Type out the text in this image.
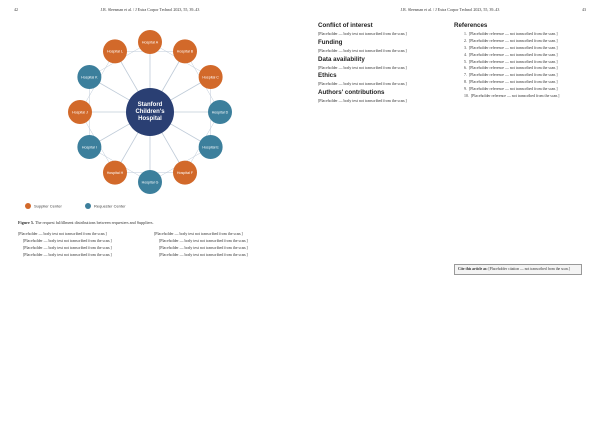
42	J.R. Sleesman et al. / J Extra Corpor Technol 2023, 55, 39–43
Stanford
Children's
Hospital
Hospital A
Hospital B
Hospital C
Hospital D
Hospital E
Hospital F
Hospital G
Hospital H
Hospital I
Hospital J
Hospital K
Hospital L
Supplier Center	Requester Center
Figure 5. The request fulfillment distributions between requesters and Suppliers.

[Placeholder — body text not transcribed from the scan.]

[Placeholder — body text not transcribed from the scan.]

[Placeholder — body text not transcribed from the scan.]

[Placeholder — body text not transcribed from the scan.]

[Placeholder — body text not transcribed from the scan.]

[Placeholder — body text not transcribed from the scan.]

[Placeholder — body text not transcribed from the scan.]

[Placeholder — body text not transcribed from the scan.]

J.R. Sleesman et al. / J Extra Corpor Technol 2023, 55, 39–43	43
Conflict of interest

[Placeholder — body text not transcribed from the scan.]

Funding

[Placeholder — body text not transcribed from the scan.]

Data availability

[Placeholder — body text not transcribed from the scan.]

Ethics

[Placeholder — body text not transcribed from the scan.]

Authors' contributions

[Placeholder — body text not transcribed from the scan.]

References

1. [Placeholder reference — not transcribed from the scan.]

2. [Placeholder reference — not transcribed from the scan.]

3. [Placeholder reference — not transcribed from the scan.]

4. [Placeholder reference — not transcribed from the scan.]

5. [Placeholder reference — not transcribed from the scan.]

6. [Placeholder reference — not transcribed from the scan.]

7. [Placeholder reference — not transcribed from the scan.]

8. [Placeholder reference — not transcribed from the scan.]

9. [Placeholder reference — not transcribed from the scan.]

10. [Placeholder reference — not transcribed from the scan.]

Cite this article as: [Placeholder citation — not transcribed from the scan.]
